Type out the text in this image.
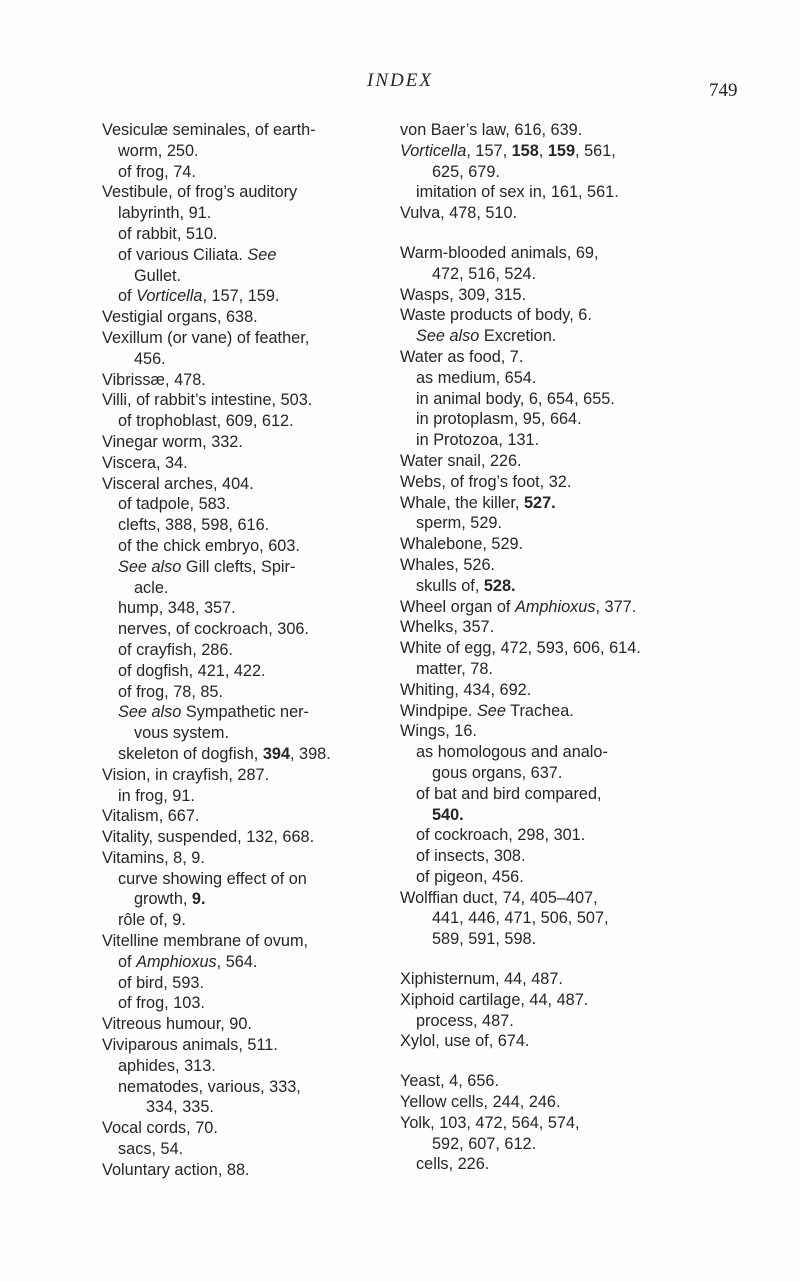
INDEX	749
Vesiculæ seminales, of earth-
worm, 250.
of frog, 74.
Vestibule, of frog’s auditory
labyrinth, 91.
of rabbit, 510.
of various Ciliata. See
Gullet.
of Vorticella, 157, 159.
Vestigial organs, 638.
Vexillum (or vane) of feather,
456.
Vibrissæ, 478.
Villi, of rabbit’s intestine, 503.
of trophoblast, 609, 612.
Vinegar worm, 332.
Viscera, 34.
Visceral arches, 404.
of tadpole, 583.
clefts, 388, 598, 616.
of the chick embryo, 603.
See also Gill clefts, Spir-
acle.
hump, 348, 357.
nerves, of cockroach, 306.
of crayfish, 286.
of dogfish, 421, 422.
of frog, 78, 85.
See also Sympathetic ner-
vous system.
skeleton of dogfish, 394, 398.
Vision, in crayfish, 287.
in frog, 91.
Vitalism, 667.
Vitality, suspended, 132, 668.
Vitamins, 8, 9.
curve showing effect of on
growth, 9.
rôle of, 9.
Vitelline membrane of ovum,
of Amphioxus, 564.
of bird, 593.
of frog, 103.
Vitreous humour, 90.
Viviparous animals, 511.
aphides, 313.
nematodes, various, 333,
334, 335.
Vocal cords, 70.
sacs, 54.
Voluntary action, 88.
von Baer’s law, 616, 639.
Vorticella, 157, 158, 159, 561,
625, 679.
imitation of sex in, 161, 561.
Vulva, 478, 510.
Warm-blooded animals, 69,
472, 516, 524.
Wasps, 309, 315.
Waste products of body, 6.
See also Excretion.
Water as food, 7.
as medium, 654.
in animal body, 6, 654, 655.
in protoplasm, 95, 664.
in Protozoa, 131.
Water snail, 226.
Webs, of frog’s foot, 32.
Whale, the killer, 527.
sperm, 529.
Whalebone, 529.
Whales, 526.
skulls of, 528.
Wheel organ of Amphioxus, 377.
Whelks, 357.
White of egg, 472, 593, 606, 614.
matter, 78.
Whiting, 434, 692.
Windpipe. See Trachea.
Wings, 16.
as homologous and analo-
gous organs, 637.
of bat and bird compared,
540.
of cockroach, 298, 301.
of insects, 308.
of pigeon, 456.
Wolffian duct, 74, 405–407,
441, 446, 471, 506, 507,
589, 591, 598.
Xiphisternum, 44, 487.
Xiphoid cartilage, 44, 487.
process, 487.
Xylol, use of, 674.
Yeast, 4, 656.
Yellow cells, 244, 246.
Yolk, 103, 472, 564, 574,
592, 607, 612.
cells, 226.
